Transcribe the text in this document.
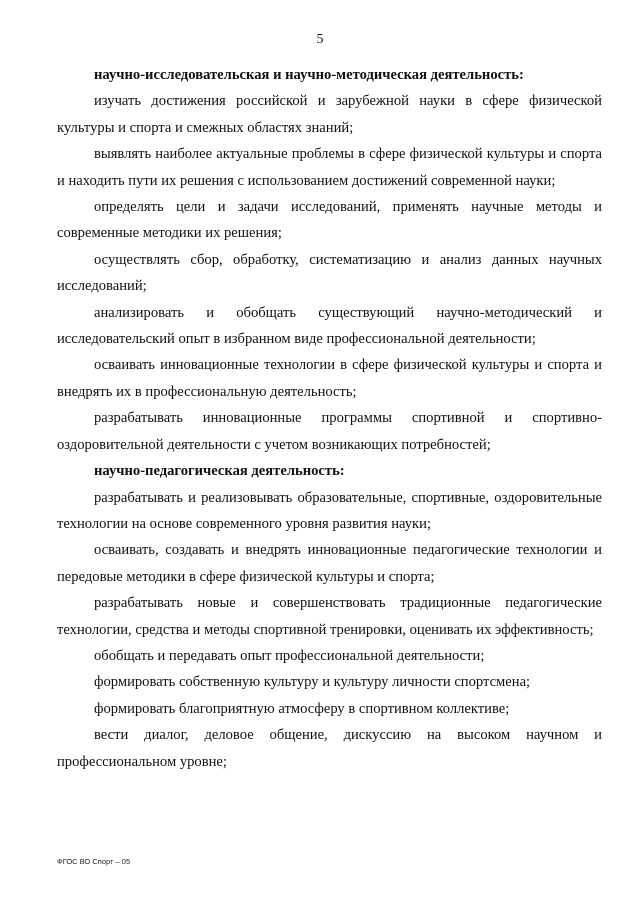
5

научно-исследовательская и научно-методическая деятельность:

изучать достижения российской и зарубежной науки в сфере физической культуры и спорта и смежных областях знаний;

выявлять наиболее актуальные проблемы в сфере физической культуры и спорта и находить пути их решения с использованием достижений современной науки;

определять цели и задачи исследований, применять научные методы и современные методики их решения;

осуществлять сбор, обработку, систематизацию и анализ данных научных исследований;

анализировать и обобщать существующий научно-методический и исследовательский опыт в избранном виде профессиональной деятельности;

осваивать инновационные технологии в сфере физической культуры и спорта и внедрять их в профессиональную деятельность;

разрабатывать инновационные программы спортивной и спортивно-оздоровительной деятельности с учетом возникающих потребностей;

научно-педагогическая деятельность:

разрабатывать и реализовывать образовательные, спортивные, оздоровительные технологии на основе современного уровня развития науки;

осваивать, создавать и внедрять инновационные педагогические технологии и передовые методики в сфере физической культуры и спорта;

разрабатывать новые и совершенствовать традиционные педагогические технологии, средства и методы спортивной тренировки, оценивать их эффективность;

обобщать и передавать опыт профессиональной деятельности;

формировать собственную культуру и культуру личности спортсмена;

формировать благоприятную атмосферу в спортивном коллективе;

вести диалог, деловое общение, дискуссию на высоком научном и профессиональном уровне;

ФГОС ВО Спорт – 05
